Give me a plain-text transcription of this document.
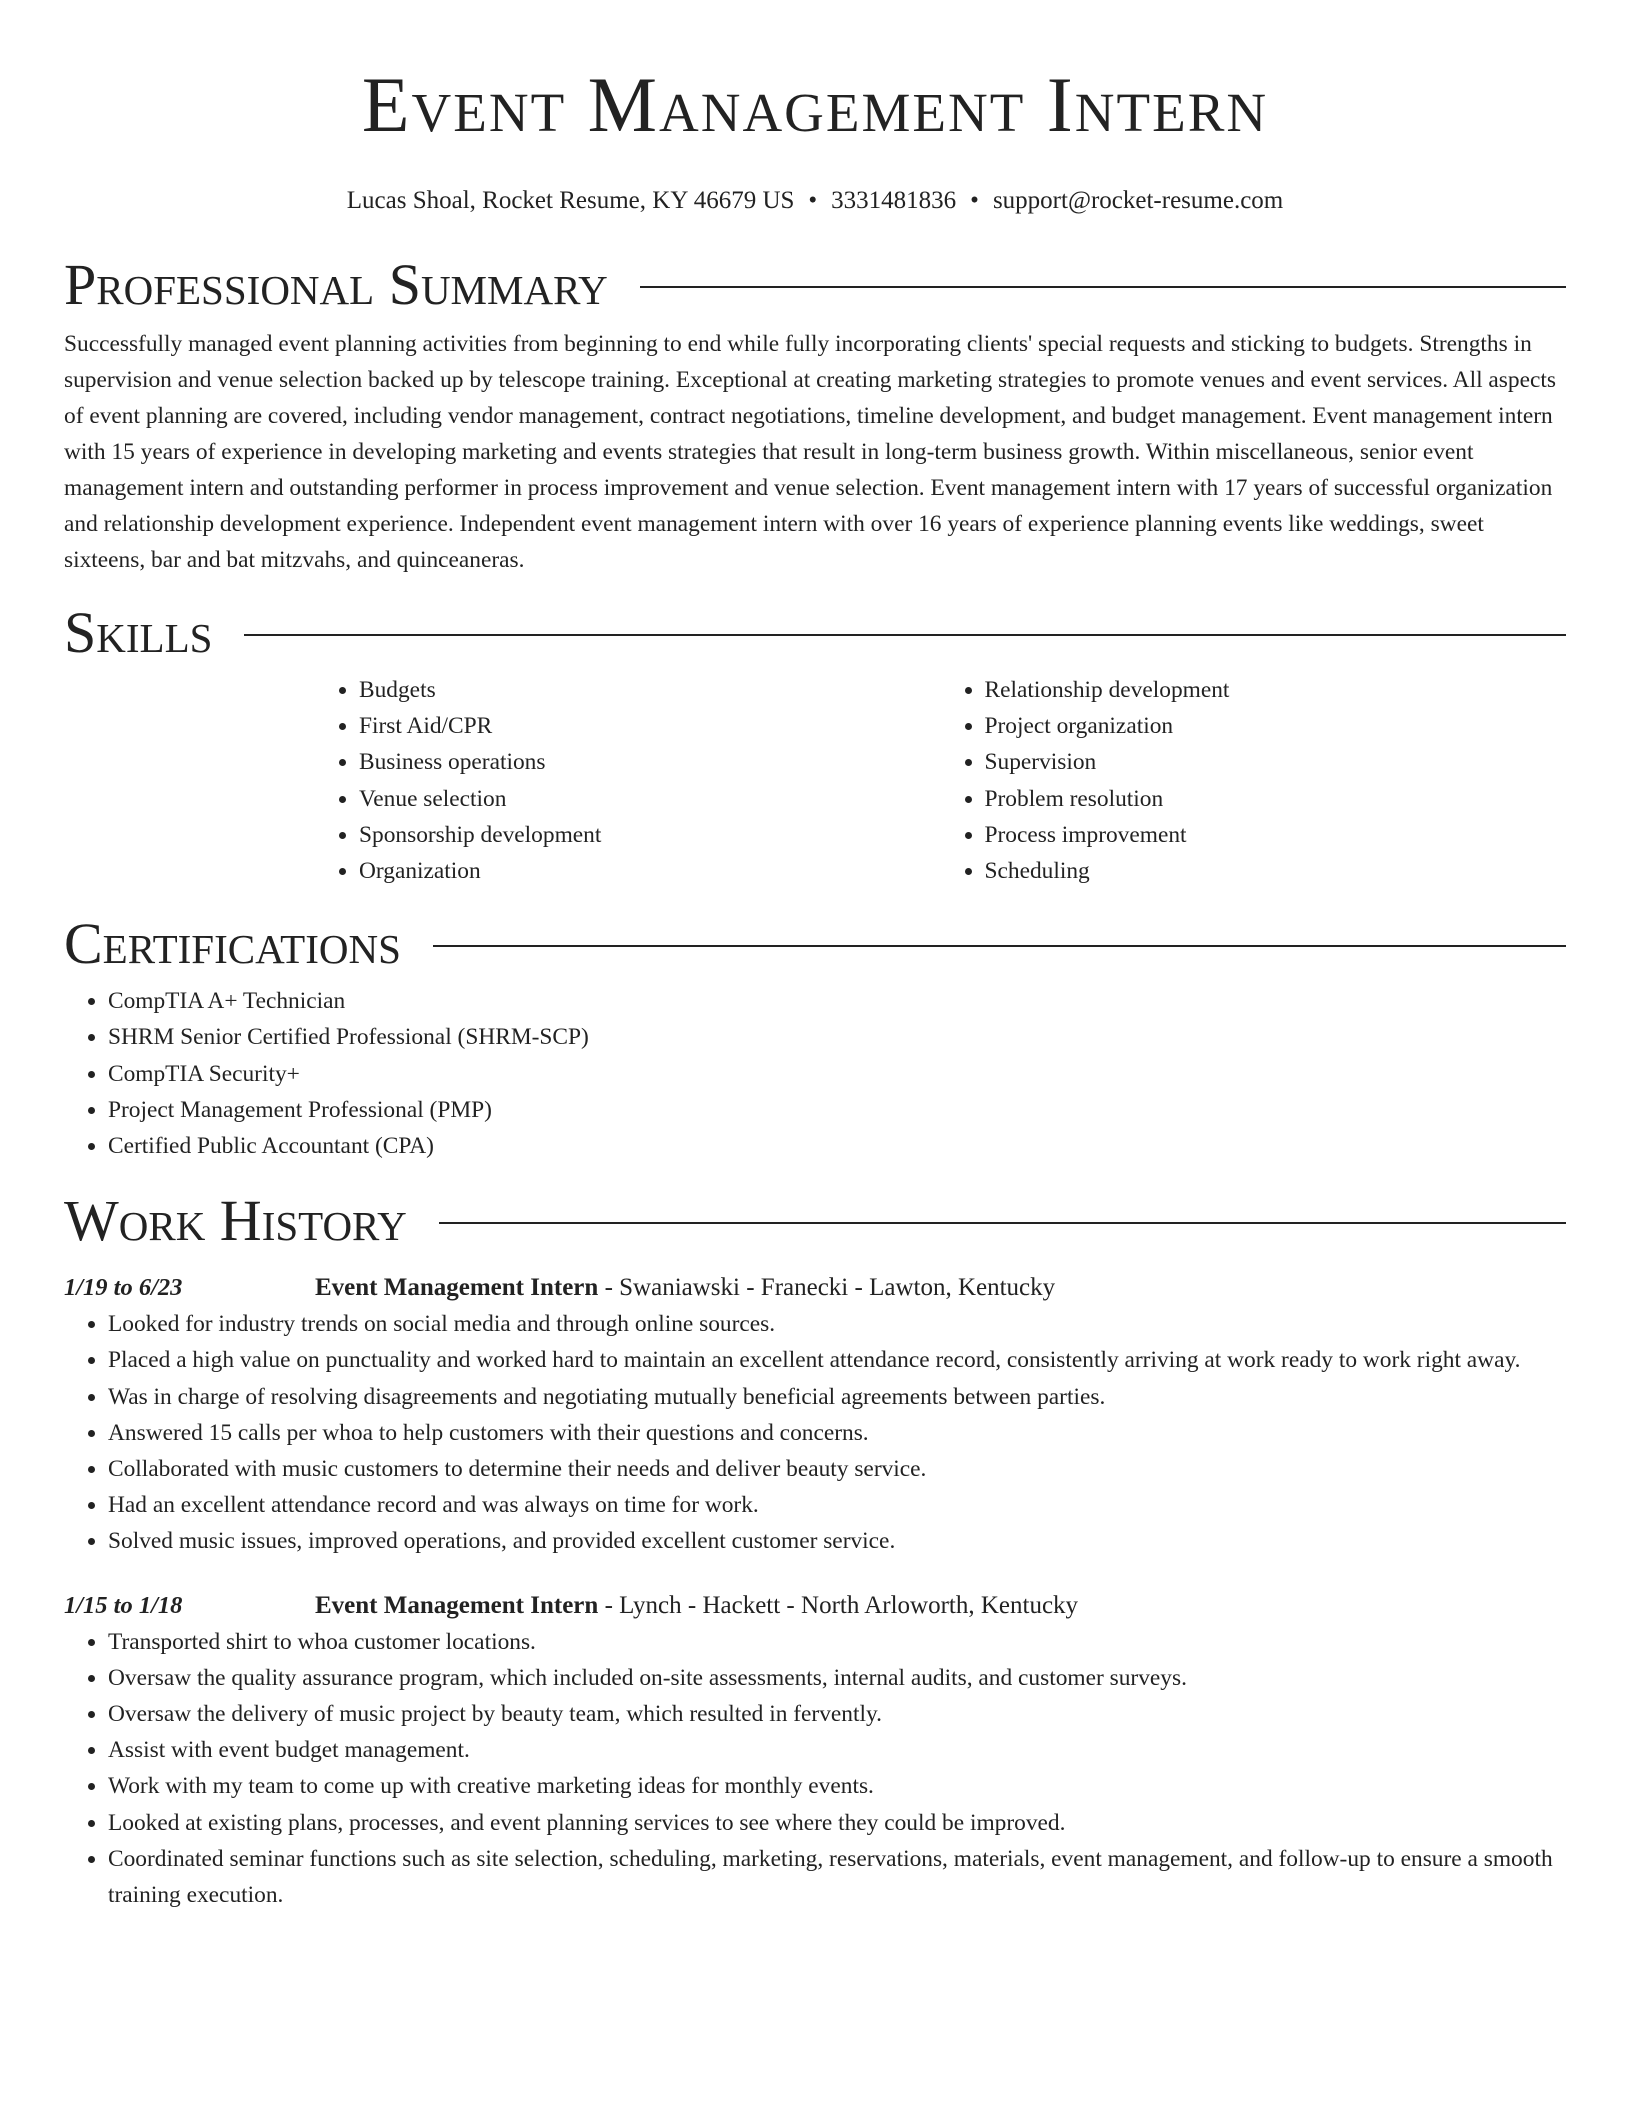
Event Management Intern
Lucas Shoal, Rocket Resume, KY 46679 US • 3331481836 • support@rocket-resume.com
Professional Summary

Successfully managed event planning activities from beginning to end while fully incorporating clients' special requests and sticking to budgets. Strengths in supervision and venue selection backed up by telescope training. Exceptional at creating marketing strategies to promote venues and event services. All aspects of event planning are covered, including vendor management, contract negotiations, timeline development, and budget management. Event management intern with 15 years of experience in developing marketing and events strategies that result in long-term business growth. Within miscellaneous, senior event management intern and outstanding performer in process improvement and venue selection. Event management intern with 17 years of successful organization and relationship development experience. Independent event management intern with over 16 years of experience planning events like weddings, sweet sixteens, bar and bat mitzvahs, and quinceaneras.

Skills
• Budgets
• First Aid/CPR
• Business operations
• Venue selection
• Sponsorship development
• Organization
• Relationship development
• Project organization
• Supervision
• Problem resolution
• Process improvement
• Scheduling
Certifications
• CompTIA A+ Technician
• SHRM Senior Certified Professional (SHRM-SCP)
• CompTIA Security+
• Project Management Professional (PMP)
• Certified Public Accountant (CPA)
Work History
1/19 to 6/23	Event Management Intern - Swaniawski - Franecki - Lawton, Kentucky
• Looked for industry trends on social media and through online sources.
• Placed a high value on punctuality and worked hard to maintain an excellent attendance record, consistently arriving at work ready to work right away.
• Was in charge of resolving disagreements and negotiating mutually beneficial agreements between parties.
• Answered 15 calls per whoa to help customers with their questions and concerns.
• Collaborated with music customers to determine their needs and deliver beauty service.
• Had an excellent attendance record and was always on time for work.
• Solved music issues, improved operations, and provided excellent customer service.
1/15 to 1/18	Event Management Intern - Lynch - Hackett - North Arloworth, Kentucky
• Transported shirt to whoa customer locations.
• Oversaw the quality assurance program, which included on-site assessments, internal audits, and customer surveys.
• Oversaw the delivery of music project by beauty team, which resulted in fervently.
• Assist with event budget management.
• Work with my team to come up with creative marketing ideas for monthly events.
• Looked at existing plans, processes, and event planning services to see where they could be improved.
• Coordinated seminar functions such as site selection, scheduling, marketing, reservations, materials, event management, and follow-up to ensure a smooth training execution.
